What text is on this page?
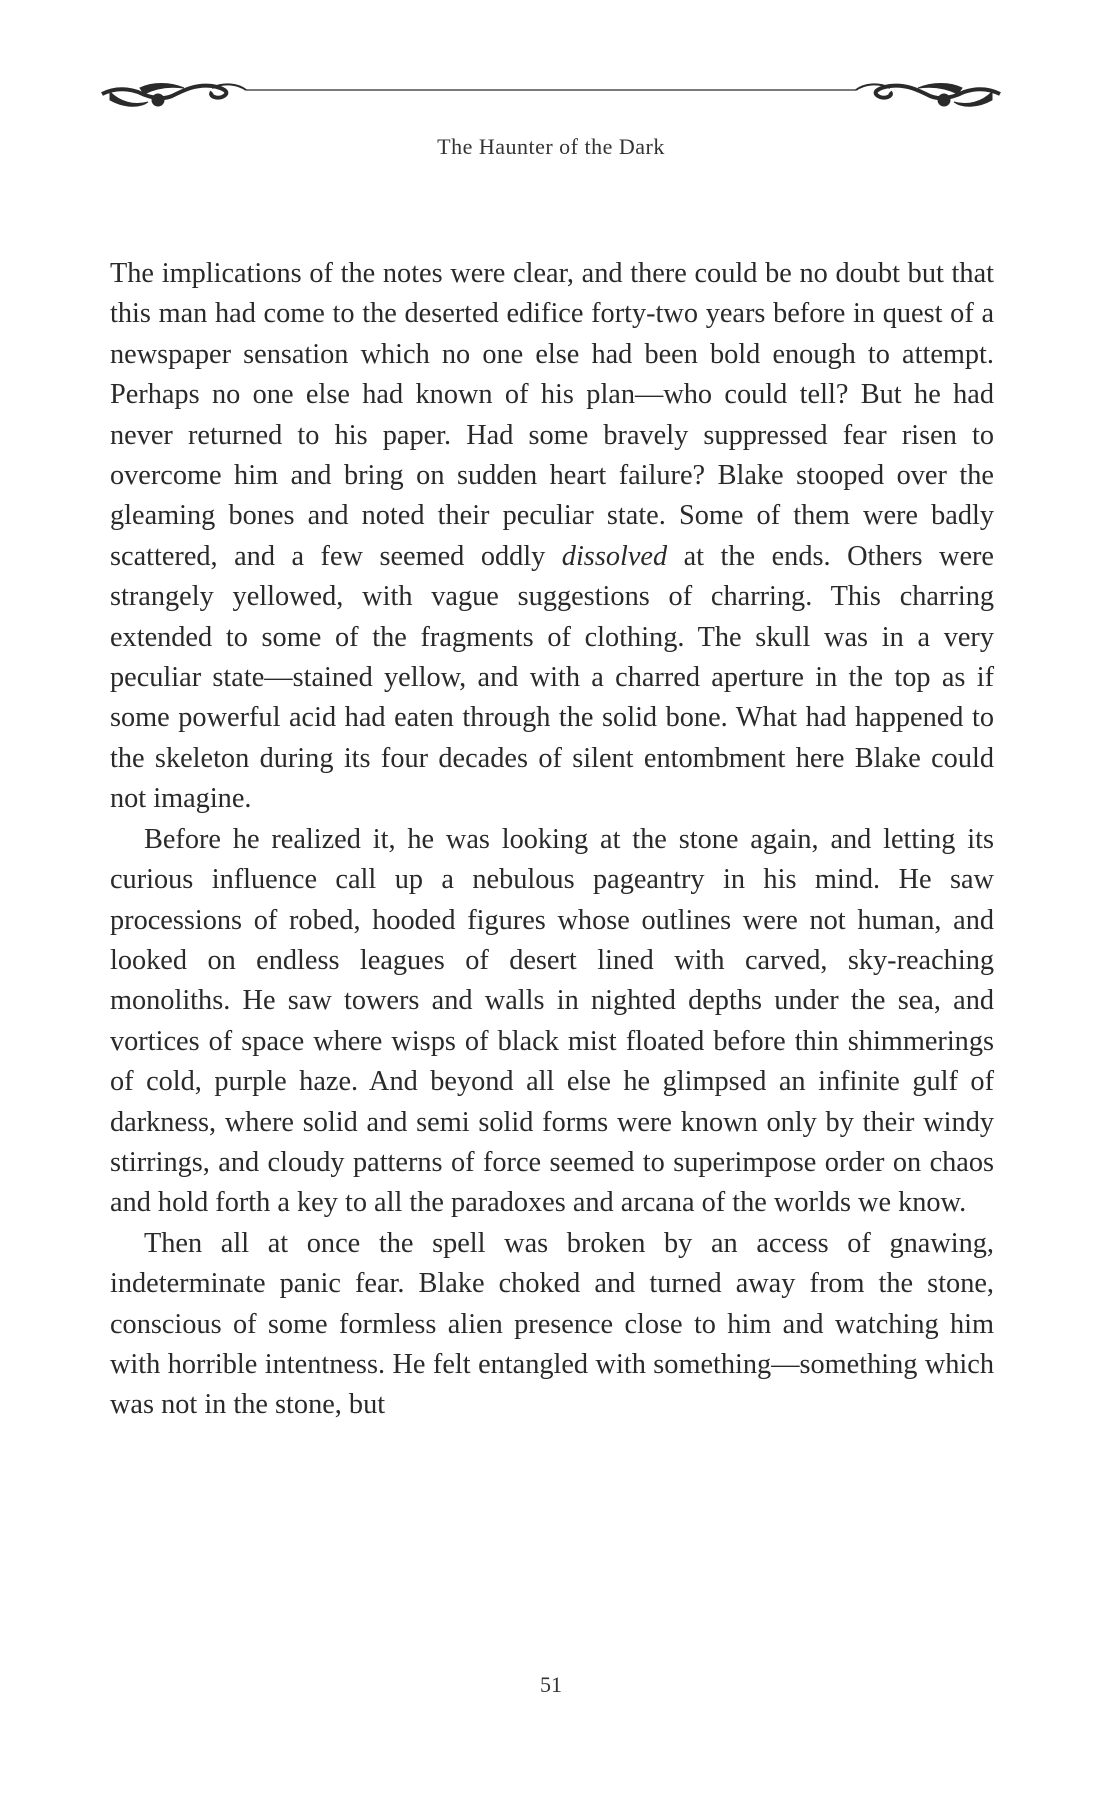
The Haunter of the Dark

The implications of the notes were clear, and there could be no doubt but that this man had come to the deserted edifice forty-two years before in quest of a newspaper sensation which no one else had been bold enough to attempt. Perhaps no one else had known of his plan—who could tell? But he had never returned to his paper. Had some bravely suppressed fear risen to overcome him and bring on sudden heart failure? Blake stooped over the gleaming bones and noted their peculiar state. Some of them were badly scattered, and a few seemed oddly dissolved at the ends. Others were strangely yellowed, with vague suggestions of charring. This charring extended to some of the fragments of clothing. The skull was in a very peculiar state—stained yellow, and with a charred aperture in the top as if some powerful acid had eaten through the solid bone. What had happened to the skeleton during its four decades of silent entombment here Blake could not imagine.

Before he realized it, he was looking at the stone again, and letting its curious influence call up a nebulous pageantry in his mind. He saw processions of robed, hooded figures whose outlines were not human, and looked on endless leagues of desert lined with carved, sky-reaching monoliths. He saw towers and walls in nighted depths under the sea, and vortices of space where wisps of black mist floated before thin shimmerings of cold, purple haze. And beyond all else he glimpsed an infinite gulf of darkness, where solid and semi solid forms were known only by their windy stirrings, and cloudy patterns of force seemed to superimpose order on chaos and hold forth a key to all the paradoxes and arcana of the worlds we know.

Then all at once the spell was broken by an access of gnawing, indeterminate panic fear. Blake choked and turned away from the stone, conscious of some formless alien presence close to him and watching him with horrible intentness. He felt entangled with something—something which was not in the stone, but

51
